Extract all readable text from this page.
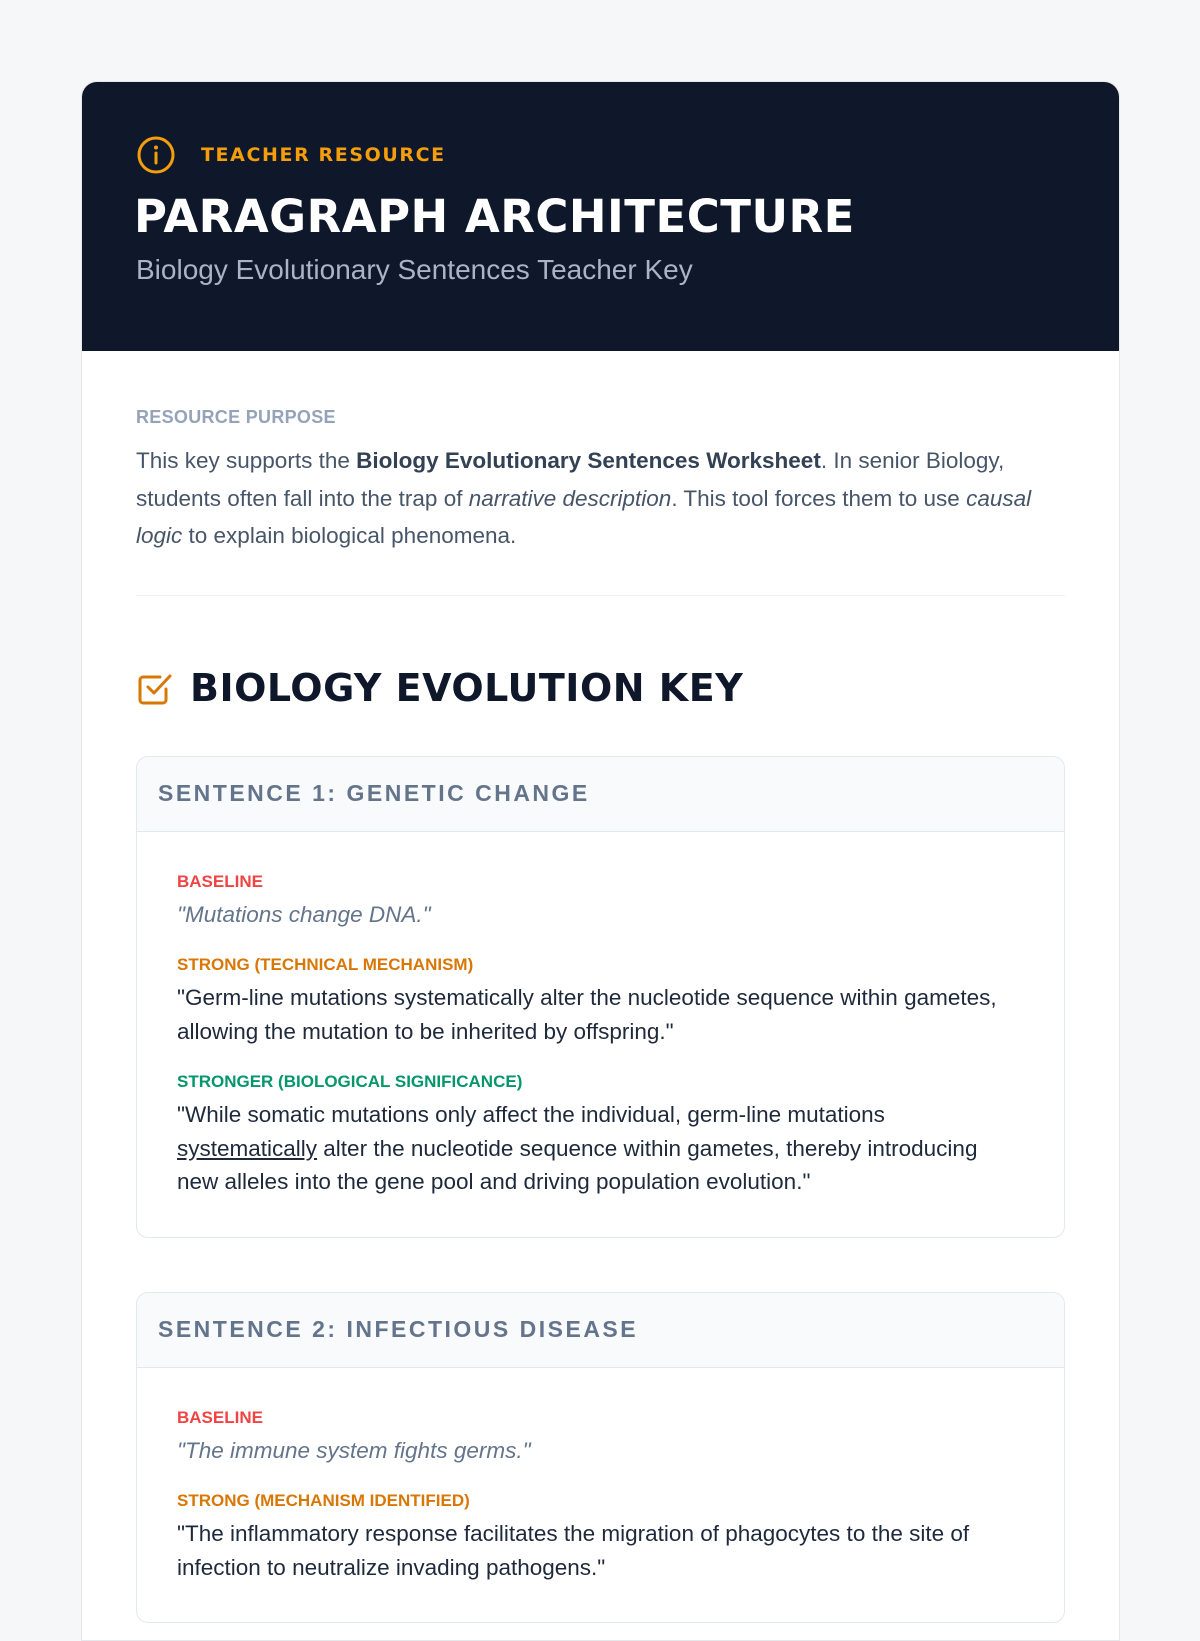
TEACHER RESOURCE
PARAGRAPH ARCHITECTURE

Biology Evolutionary Sentences Teacher Key

RESOURCE PURPOSE
This key supports the Biology Evolutionary Sentences Worksheet. In senior Biology, students often fall into the trap of narrative description. This tool forces them to use causal logic to explain biological phenomena.
BIOLOGY EVOLUTION KEY
SENTENCE 1: GENETIC CHANGE
BASELINE
"Mutations change DNA."
STRONG (TECHNICAL MECHANISM)
"Germ-line mutations systematically alter the nucleotide sequence within gametes, allowing the mutation to be inherited by offspring."
STRONGER (BIOLOGICAL SIGNIFICANCE)
"While somatic mutations only affect the individual, germ-line mutations systematically alter the nucleotide sequence within gametes, thereby introducing new alleles into the gene pool and driving population evolution."
SENTENCE 2: INFECTIOUS DISEASE
BASELINE
"The immune system fights germs."
STRONG (MECHANISM IDENTIFIED)
"The inflammatory response facilitates the migration of phagocytes to the site of infection to neutralize invading pathogens."
